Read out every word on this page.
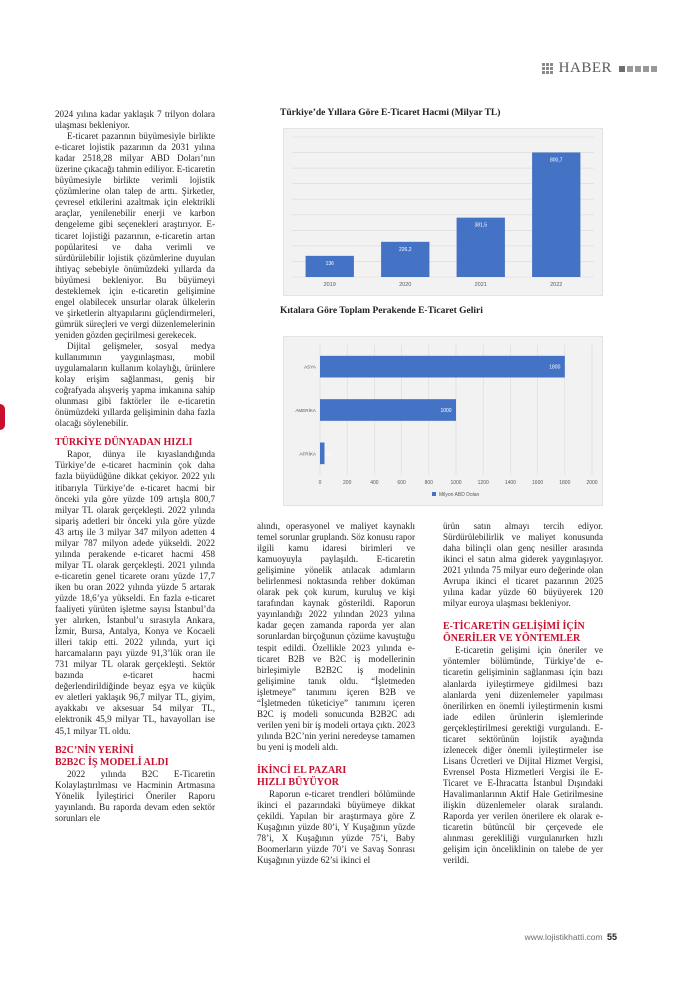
HABER

2024 yılına kadar yaklaşık 7 trilyon dolara ulaşması bekleniyor.

E-ticaret pazarının büyümesiyle birlikte e-ticaret lojistik pazarının da 2031 yılına kadar 2518,28 milyar ABD Doları’nın üzerine çıkacağı tahmin ediliyor. E-ticaretin büyümesiyle birlikte verimli lojistik çözümlerine olan talep de arttı. Şirketler, çevresel etkilerini azaltmak için elektrikli araçlar, yenilenebilir enerji ve karbon dengeleme gibi seçenekleri araştırıyor. E-ticaret lojistiği pazarının, e-ticaretin artan popülaritesi ve daha verimli ve sürdürülebilir lojistik çözümlerine duyulan ihtiyaç sebebiyle önümüzdeki yıllarda da büyümesi bekleniyor. Bu büyümeyi desteklemek için e-ticaretin gelişimine engel olabilecek unsurlar olarak ülkelerin ve şirketlerin altyapılarını güçlendirmeleri, gümrük süreçleri ve vergi düzenlemelerinin yeniden gözden geçirilmesi gerekecek.

Dijital gelişmeler, sosyal medya kullanımının yaygınlaşması, mobil uygulamaların kullanım kolaylığı, ürünlere kolay erişim sağlanması, geniş bir coğrafyada alışveriş yapma imkanına sahip olunması gibi faktörler ile e-ticaretin önümüzdeki yıllarda gelişiminin daha fazla olacağı söylenebilir.

TÜRKİYE DÜNYADAN HIZLI

Rapor, dünya ile kıyaslandığında Türkiye’de e-ticaret hacminin çok daha fazla büyüdüğüne dikkat çekiyor. 2022 yılı itibarıyla Türkiye’de e-ticaret hacmi bir önceki yıla göre yüzde 109 artışla 800,7 milyar TL olarak gerçekleşti. 2022 yılında sipariş adetleri bir önceki yıla göre yüzde 43 artış ile 3 milyar 347 milyon adetten 4 milyar 787 milyon adede yükseldi. 2022 yılında perakende e-ticaret hacmi 458 milyar TL olarak gerçekleşti. 2021 yılında e-ticaretin genel ticarete oranı yüzde 17,7 iken bu oran 2022 yılında yüzde 5 artarak yüzde 18,6’ya yükseldi. En fazla e-ticaret faaliyeti yürüten işletme sayısı İstanbul’da yer alırken, İstanbul’u sırasıyla Ankara, İzmir, Bursa, Antalya, Konya ve Kocaeli illeri takip etti. 2022 yılında, yurt içi harcamaların payı yüzde 91,3’lük oran ile 731 milyar TL olarak gerçekleşti. Sektör bazında e-ticaret hacmi değerlendirildiğinde beyaz eşya ve küçük ev aletleri yaklaşık 96,7 milyar TL, giyim, ayakkabı ve aksesuar 54 milyar TL, elektronik 45,9 milyar TL, havayolları ise 45,1 milyar TL oldu.

B2C’NİN YERİNİ
B2B2C İŞ MODELİ ALDI

2022 yılında B2C E-Ticaretin Kolaylaştırılması ve Hacminin Artmasına Yönelik İyileştirici Öneriler Raporu yayınlandı. Bu raporda devam eden sektör sorunları ele

Türkiye’de Yıllara Göre E-Ticaret Hacmi (Milyar TL)
136
2019
226,2
2020
381,5
2021
800,7
2022
Kıtalara Göre Toplam Perakende E-Ticaret Geliri
0	200	400	600	800	1000	1200	1400	1600	1800	2000
ASYA	1800
AMERİKA	1000
AFRİKA 33
Milyon ABD Doları

alındı, operasyonel ve maliyet kaynaklı temel sorunlar gruplandı. Söz konusu rapor ilgili kamu idaresi birimleri ve kamuoyuyla paylaşıldı. E-ticaretin gelişimine yönelik atılacak adımların belirlenmesi noktasında rehber doküman olarak pek çok kurum, kuruluş ve kişi tarafından kaynak gösterildi. Raporun yayınlandığı 2022 yılından 2023 yılına kadar geçen zamanda raporda yer alan sorunlardan birçoğunun çözüme kavuştuğu tespit edildi. Özellikle 2023 yılında e-ticaret B2B ve B2C iş modellerinin birleşimiyle B2B2C iş modelinin gelişimine tanık oldu. “İşletmeden işletmeye” tanımını içeren B2B ve “İşletmeden tüketiciye” tanımını içeren B2C iş modeli sonucunda B2B2C adı verilen yeni bir iş modeli ortaya çıktı. 2023 yılında B2C’nin yerini neredeyse tamamen bu yeni iş modeli aldı.

İKİNCİ EL PAZARI
HIZLI BÜYÜYOR

Raporun e-ticaret trendleri bölümünde ikinci el pazarındaki büyümeye dikkat çekildi. Yapılan bir araştırmaya göre Z Kuşağının yüzde 80’i, Y Kuşağının yüzde 78’i, X Kuşağının yüzde 75’i, Baby Boomerların yüzde 70’i ve Savaş Sonrası Kuşağının yüzde 62’si ikinci el

ürün satın almayı tercih ediyor. Sürdürülebilirlik ve maliyet konusunda daha bilinçli olan genç nesiller arasında ikinci el satın alma giderek yaygınlaşıyor. 2021 yılında 75 milyar euro değerinde olan Avrupa ikinci el ticaret pazarının 2025 yılına kadar yüzde 60 büyüyerek 120 milyar euroya ulaşması bekleniyor.

E-TİCARETİN GELİŞİMİ İÇİN
ÖNERİLER VE YÖNTEMLER

E-ticaretin gelişimi için öneriler ve yöntemler bölümünde, Türkiye’de e-ticaretin gelişiminin sağlanması için bazı alanlarda iyileştirmeye gidilmesi bazı alanlarda yeni düzenlemeler yapılması önerilirken en önemli iyileştirmenin kısmi iade edilen ürünlerin işlemlerinde gerçekleştirilmesi gerektiği vurgulandı. E-ticaret sektörünün lojistik ayağında izlenecek diğer önemli iyileştirmeler ise Lisans Ücretleri ve Dijital Hizmet Vergisi, Evrensel Posta Hizmetleri Vergisi ile E-Ticaret ve E-İhracatta İstanbul Dışındaki Havalimanlarının Aktif Hale Getirilmesine ilişkin düzenlemeler olarak sıralandı. Raporda yer verilen önerilere ek olarak e-ticaretin bütüncül bir çerçevede ele alınması gerekliliği vurgulanırken hızlı gelişim için önceliklinin on talebe de yer verildi.

www.lojistikhatti.com 55
